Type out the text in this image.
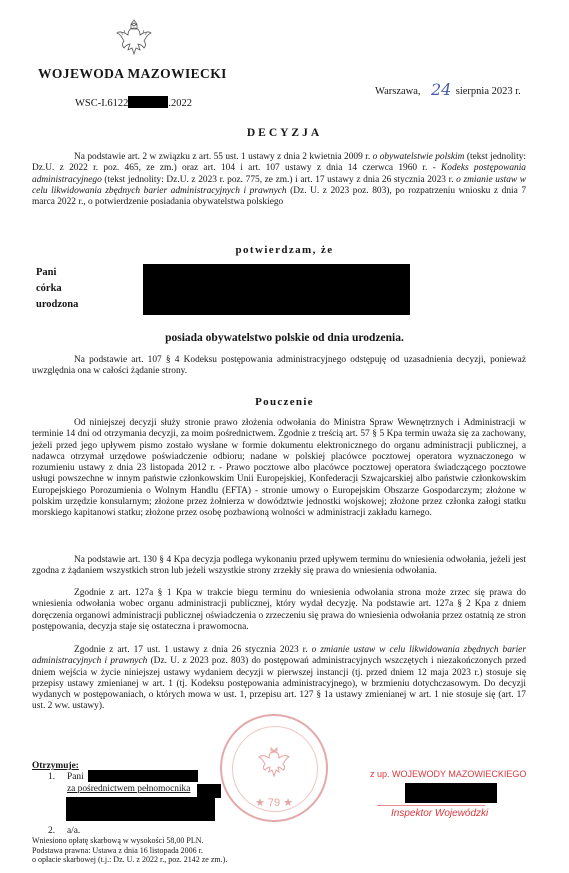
WOJEWODA MAZOWIECKI
WSC-I.6122	.2022
Warszawa,	sierpnia 2023 r.
24
DECYZJA
Na podstawie art. 2 w związku z art. 55 ust. 1 ustawy z dnia 2 kwietnia 2009 r. o obywatelstwie polskim (tekst jednolity: Dz.U. z 2022 r. poz. 465, ze zm.) oraz art. 104 i art. 107 ustawy z dnia 14 czerwca 1960 r. - Kodeks postępowania administracyjnego (tekst jednolity: Dz.U. z 2023 r. poz. 775, ze zm.) i art. 17 ustawy z dnia 26 stycznia 2023 r. o zmianie ustaw w celu likwidowania zbędnych barier administracyjnych i prawnych (Dz. U. z 2023 poz. 803), po rozpatrzeniu wniosku z dnia 7 marca 2022 r., o potwierdzenie posiadania obywatelstwa polskiego
potwierdzam, że
Pani
córka
urodzona
posiada obywatelstwo polskie od dnia urodzenia.
Na podstawie art. 107 § 4 Kodeksu postępowania administracyjnego odstępuję od uzasadnienia decyzji, ponieważ uwzględnia ona w całości żądanie strony.
Pouczenie
Od niniejszej decyzji służy stronie prawo złożenia odwołania do Ministra Spraw Wewnętrznych i Administracji w terminie 14 dni od otrzymania decyzji, za moim pośrednictwem. Zgodnie z treścią art. 57 § 5 Kpa termin uważa się za zachowany, jeżeli przed jego upływem pismo zostało wysłane w formie dokumentu elektronicznego do organu administracji publicznej, a nadawca otrzymał urzędowe poświadczenie odbioru; nadane w polskiej placówce pocztowej operatora wyznaczonego w rozumieniu ustawy z dnia 23 listopada 2012 r. - Prawo pocztowe albo placówce pocztowej operatora świadczącego pocztowe usługi powszechne w innym państwie członkowskim Unii Europejskiej, Konfederacji Szwajcarskiej albo państwie członkowskim Europejskiego Porozumienia o Wolnym Handlu (EFTA) - stronie umowy o Europejskim Obszarze Gospodarczym; złożone w polskim urzędzie konsularnym; złożone przez żołnierza w dowództwie jednostki wojskowej; złożone przez członka załogi statku morskiego kapitanowi statku; złożone przez osobę pozbawioną wolności w administracji zakładu karnego.
Na podstawie art. 130 § 4 Kpa decyzja podlega wykonaniu przed upływem terminu do wniesienia odwołania, jeżeli jest zgodna z żądaniem wszystkich stron lub jeżeli wszystkie strony zrzekły się prawa do wniesienia odwołania.
Zgodnie z art. 127a § 1 Kpa w trakcie biegu terminu do wniesienia odwołania strona może zrzec się prawa do wniesienia odwołania wobec organu administracji publicznej, który wydał decyzję. Na podstawie art. 127a § 2 Kpa z dniem doręczenia organowi administracji publicznej oświadczenia o zrzeczeniu się prawa do wniesienia odwołania przez ostatnią ze stron postępowania, decyzja staje się ostateczna i prawomocna.
Zgodnie z art. 17 ust. 1 ustawy z dnia 26 stycznia 2023 r. o zmianie ustaw w celu likwidowania zbędnych barier administracyjnych i prawnych (Dz. U. z 2023 poz. 803) do postępowań administracyjnych wszczętych i niezakończonych przed dniem wejścia w życie niniejszej ustawy wydaniem decyzji w pierwszej instancji (tj. przed dniem 12 maja 2023 r.) stosuje się przepisy ustawy zmienianej w art. 1 (tj. Kodeksu postępowania administracyjnego), w brzmieniu dotychczasowym. Do decyzji wydanych w postępowaniach, o których mowa w ust. 1, przepisu art. 127 § 1a ustawy zmienianej w art. 1 nie stosuje się (art. 17 ust. 2 ww. ustawy).
★ 79 ★
Otrzymuje:
1. Pani
za pośrednictwem pełnomocnika
2. a/a.
z up. WOJEWODY MAZOWIECKIEGO
Inspektor Wojewódzki
Wniesiono opłatę skarbową w wysokości 58,00 PLN.
Podstawa prawna: Ustawa z dnia 16 listopada 2006 r.
o opłacie skarbowej (t.j.: Dz. U. z 2022 r., poz. 2142 ze zm.).
